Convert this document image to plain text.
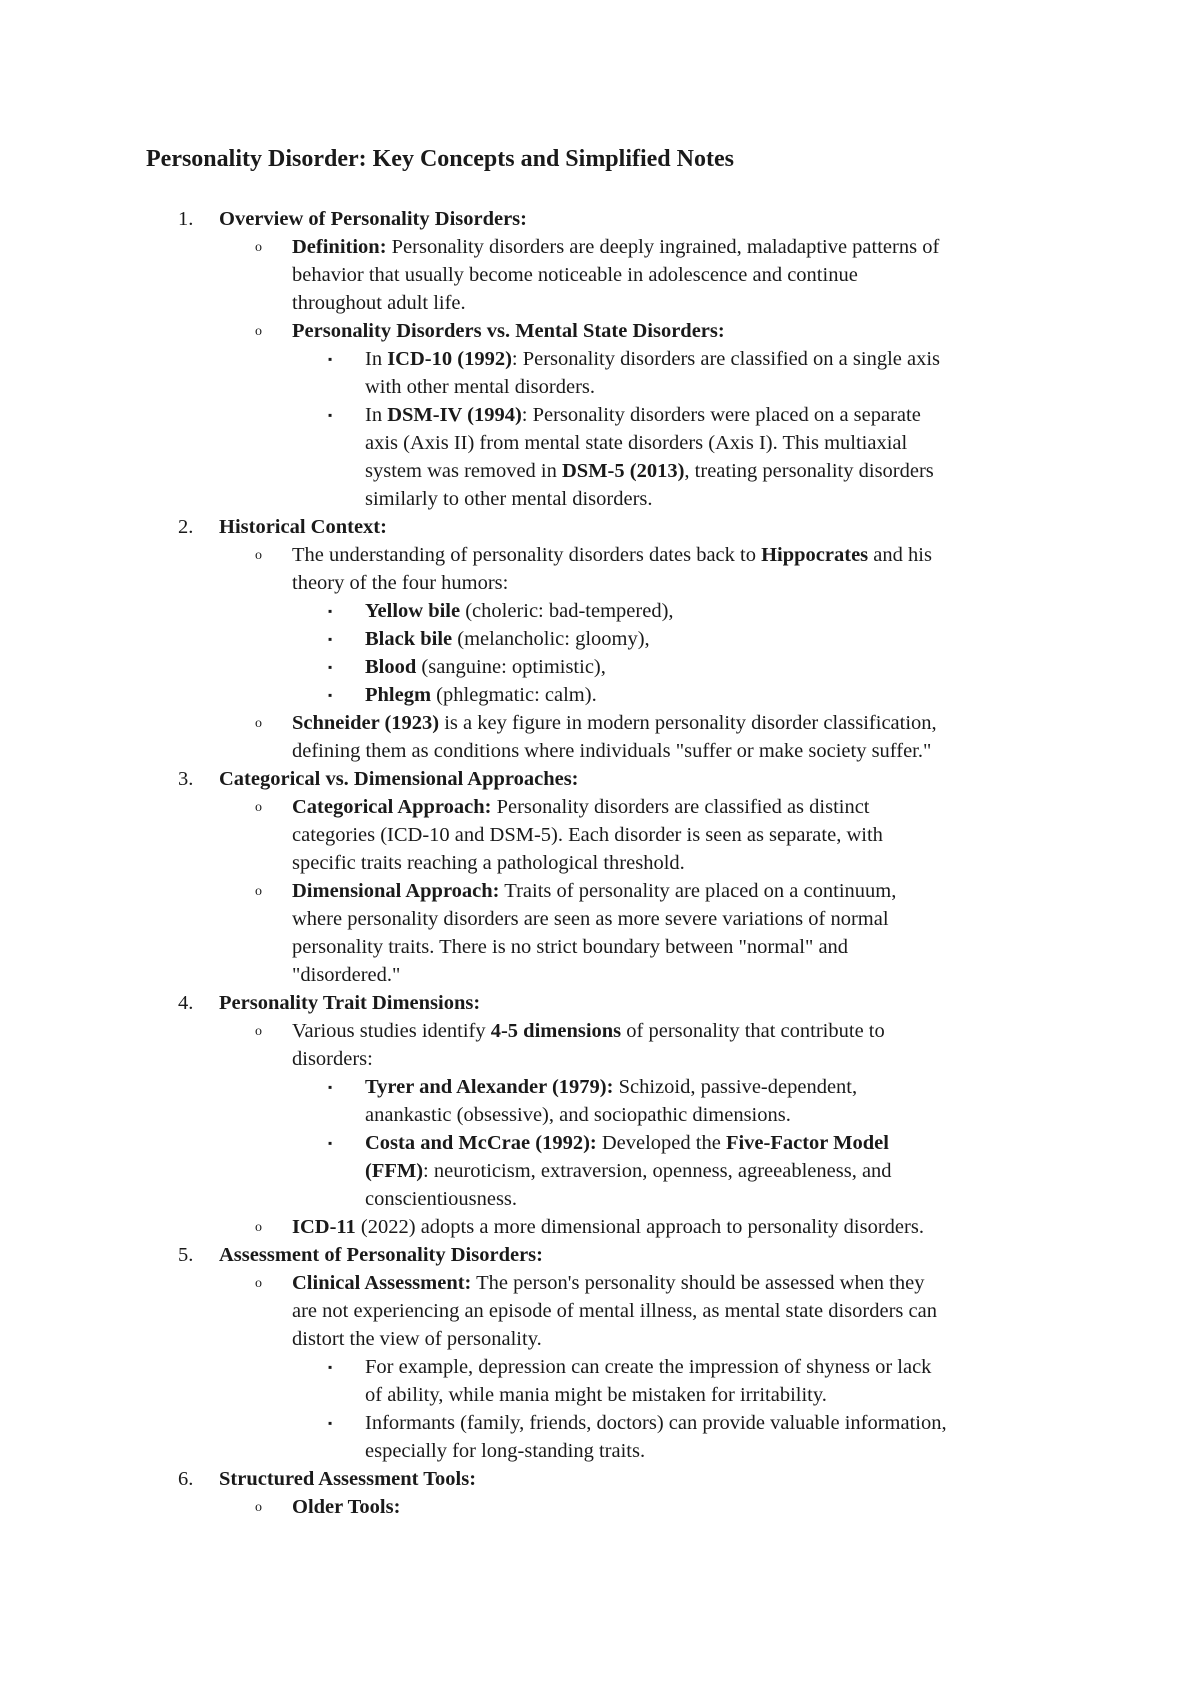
Personality Disorder: Key Concepts and Simplified Notes
1. Overview of Personality Disorders:
o Definition: Personality disorders are deeply ingrained, maladaptive patterns of
behavior that usually become noticeable in adolescence and continue
throughout adult life.
o Personality Disorders vs. Mental State Disorders:
▪ In ICD-10 (1992): Personality disorders are classified on a single axis
with other mental disorders.
▪ In DSM-IV (1994): Personality disorders were placed on a separate
axis (Axis II) from mental state disorders (Axis I). This multiaxial
system was removed in DSM-5 (2013), treating personality disorders
similarly to other mental disorders.
2. Historical Context:
o The understanding of personality disorders dates back to Hippocrates and his
theory of the four humors:
▪ Yellow bile (choleric: bad-tempered),
▪ Black bile (melancholic: gloomy),
▪ Blood (sanguine: optimistic),
▪ Phlegm (phlegmatic: calm).
o Schneider (1923) is a key figure in modern personality disorder classification,
defining them as conditions where individuals "suffer or make society suffer."
3. Categorical vs. Dimensional Approaches:
o Categorical Approach: Personality disorders are classified as distinct
categories (ICD-10 and DSM-5). Each disorder is seen as separate, with
specific traits reaching a pathological threshold.
o Dimensional Approach: Traits of personality are placed on a continuum,
where personality disorders are seen as more severe variations of normal
personality traits. There is no strict boundary between "normal" and
"disordered."
4. Personality Trait Dimensions:
o Various studies identify 4-5 dimensions of personality that contribute to
disorders:
▪ Tyrer and Alexander (1979): Schizoid, passive-dependent,
anankastic (obsessive), and sociopathic dimensions.
▪ Costa and McCrae (1992): Developed the Five-Factor Model
(FFM): neuroticism, extraversion, openness, agreeableness, and
conscientiousness.
o ICD-11 (2022) adopts a more dimensional approach to personality disorders.
5. Assessment of Personality Disorders:
o Clinical Assessment: The person's personality should be assessed when they
are not experiencing an episode of mental illness, as mental state disorders can
distort the view of personality.
▪ For example, depression can create the impression of shyness or lack
of ability, while mania might be mistaken for irritability.
▪ Informants (family, friends, doctors) can provide valuable information,
especially for long-standing traits.
6. Structured Assessment Tools:
o Older Tools:
